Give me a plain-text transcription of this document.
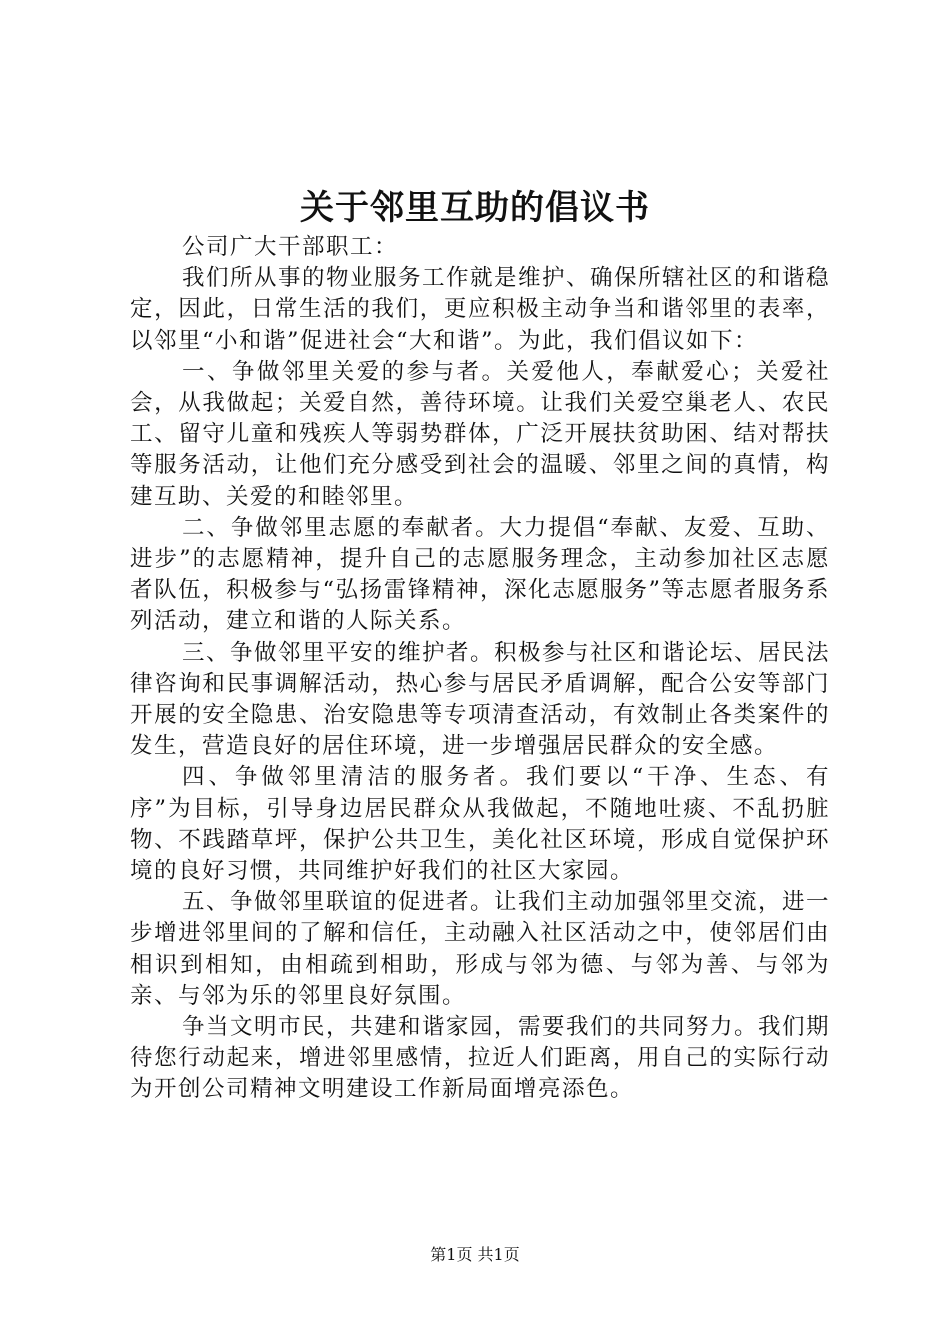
关于邻里互助的倡议书

公司广大干部职工：

我们所从事的物业服务工作就是维护、确保所辖社区的和谐稳定，因此，日常生活的我们，更应积极主动争当和谐邻里的表率，以邻里“小和谐”促进社会“大和谐”。为此，我们倡议如下：

一、争做邻里关爱的参与者。关爱他人，奉献爱心；关爱社会，从我做起；关爱自然，善待环境。让我们关爱空巢老人、农民工、留守儿童和残疾人等弱势群体，广泛开展扶贫助困、结对帮扶等服务活动，让他们充分感受到社会的温暖、邻里之间的真情，构建互助、关爱的和睦邻里。

二、争做邻里志愿的奉献者。大力提倡“奉献、友爱、互助、进步”的志愿精神，提升自己的志愿服务理念，主动参加社区志愿者队伍，积极参与“弘扬雷锋精神，深化志愿服务”等志愿者服务系列活动，建立和谐的人际关系。

三、争做邻里平安的维护者。积极参与社区和谐论坛、居民法律咨询和民事调解活动，热心参与居民矛盾调解，配合公安等部门开展的安全隐患、治安隐患等专项清查活动，有效制止各类案件的发生，营造良好的居住环境，进一步增强居民群众的安全感。

四、争做邻里清洁的服务者。我们要以“干净、生态、有序”为目标，引导身边居民群众从我做起，不随地吐痰、不乱扔脏物、不践踏草坪，保护公共卫生，美化社区环境，形成自觉保护环境的良好习惯，共同维护好我们的社区大家园。

五、争做邻里联谊的促进者。让我们主动加强邻里交流，进一步增进邻里间的了解和信任，主动融入社区活动之中，使邻居们由相识到相知，由相疏到相助，形成与邻为德、与邻为善、与邻为亲、与邻为乐的邻里良好氛围。

争当文明市民，共建和谐家园，需要我们的共同努力。我们期待您行动起来，增进邻里感情，拉近人们距离，用自己的实际行动为开创公司精神文明建设工作新局面增亮添色。

第1页 共1页
